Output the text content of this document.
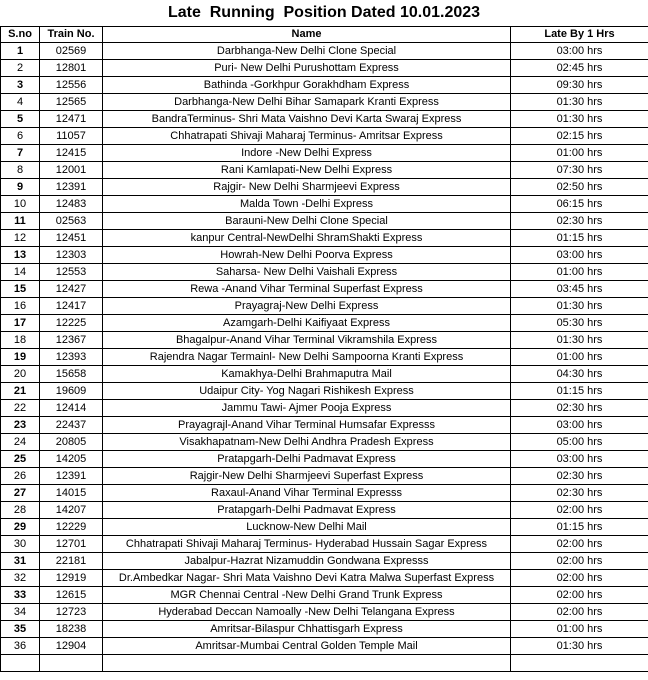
Late  Running  Position Dated 10.01.2023
S.no	Train No.	Name	Late By 1 Hrs
1	02569	Darbhanga-New Delhi Clone Special	03:00 hrs
2	12801	Puri- New Delhi Purushottam Express	02:45 hrs
3	12556	Bathinda -Gorkhpur Gorakhdham Express	09:30 hrs
4	12565	Darbhanga-New Delhi Bihar Samapark Kranti Express	01:30 hrs
5	12471	BandraTerminus- Shri Mata Vaishno Devi Karta Swaraj Express	01:30 hrs
6	11057	Chhatrapati Shivaji Maharaj Terminus- Amritsar Express	02:15 hrs
7	12415	Indore -New Delhi Express	01:00 hrs
8	12001	Rani Kamlapati-New Delhi Express	07:30 hrs
9	12391	Rajgir- New Delhi Sharmjeevi Express	02:50 hrs
10	12483	Malda Town -Delhi Express	06:15 hrs
11	02563	Barauni-New Delhi Clone Special	02:30 hrs
12	12451	kanpur Central-NewDelhi ShramShakti Express	01:15 hrs
13	12303	Howrah-New Delhi Poorva Express	03:00 hrs
14	12553	Saharsa- New Delhi Vaishali Express	01:00 hrs
15	12427	Rewa -Anand Vihar Terminal Superfast Express	03:45 hrs
16	12417	Prayagraj-New Delhi Express	01:30 hrs
17	12225	Azamgarh-Delhi Kaifiyaat Express	05:30 hrs
18	12367	Bhagalpur-Anand Vihar Terminal Vikramshila Express	01:30 hrs
19	12393	Rajendra Nagar Termainl- New Delhi Sampoorna Kranti Express	01:00 hrs
20	15658	Kamakhya-Delhi Brahmaputra Mail	04:30 hrs
21	19609	Udaipur City- Yog Nagari Rishikesh Express	01:15 hrs
22	12414	Jammu Tawi- Ajmer Pooja Express	02:30 hrs
23	22437	Prayagrajl-Anand Vihar Terminal Humsafar Expresss	03:00 hrs
24	20805	Visakhapatnam-New Delhi Andhra Pradesh Express	05:00 hrs
25	14205	Pratapgarh-Delhi Padmavat Express	03:00 hrs
26	12391	Rajgir-New Delhi Sharmjeevi Superfast Express	02:30 hrs
27	14015	Raxaul-Anand Vihar Terminal Expresss	02:30 hrs
28	14207	Pratapgarh-Delhi Padmavat Express	02:00 hrs
29	12229	Lucknow-New Delhi Mail	01:15 hrs
30	12701	Chhatrapati Shivaji Maharaj Terminus- Hyderabad Hussain Sagar Express	02:00 hrs
31	22181	Jabalpur-Hazrat Nizamuddin Gondwana Expresss	02:00 hrs
32	12919	Dr.Ambedkar Nagar- Shri Mata Vaishno Devi Katra Malwa Superfast Express	02:00 hrs
33	12615	MGR Chennai Central -New Delhi Grand Trunk Express	02:00 hrs
34	12723	Hyderabad Deccan Namoally -New Delhi Telangana Express	02:00 hrs
35	18238	Amritsar-Bilaspur Chhattisgarh Express	01:00 hrs
36	12904	Amritsar-Mumbai Central Golden Temple Mail	01:30 hrs
